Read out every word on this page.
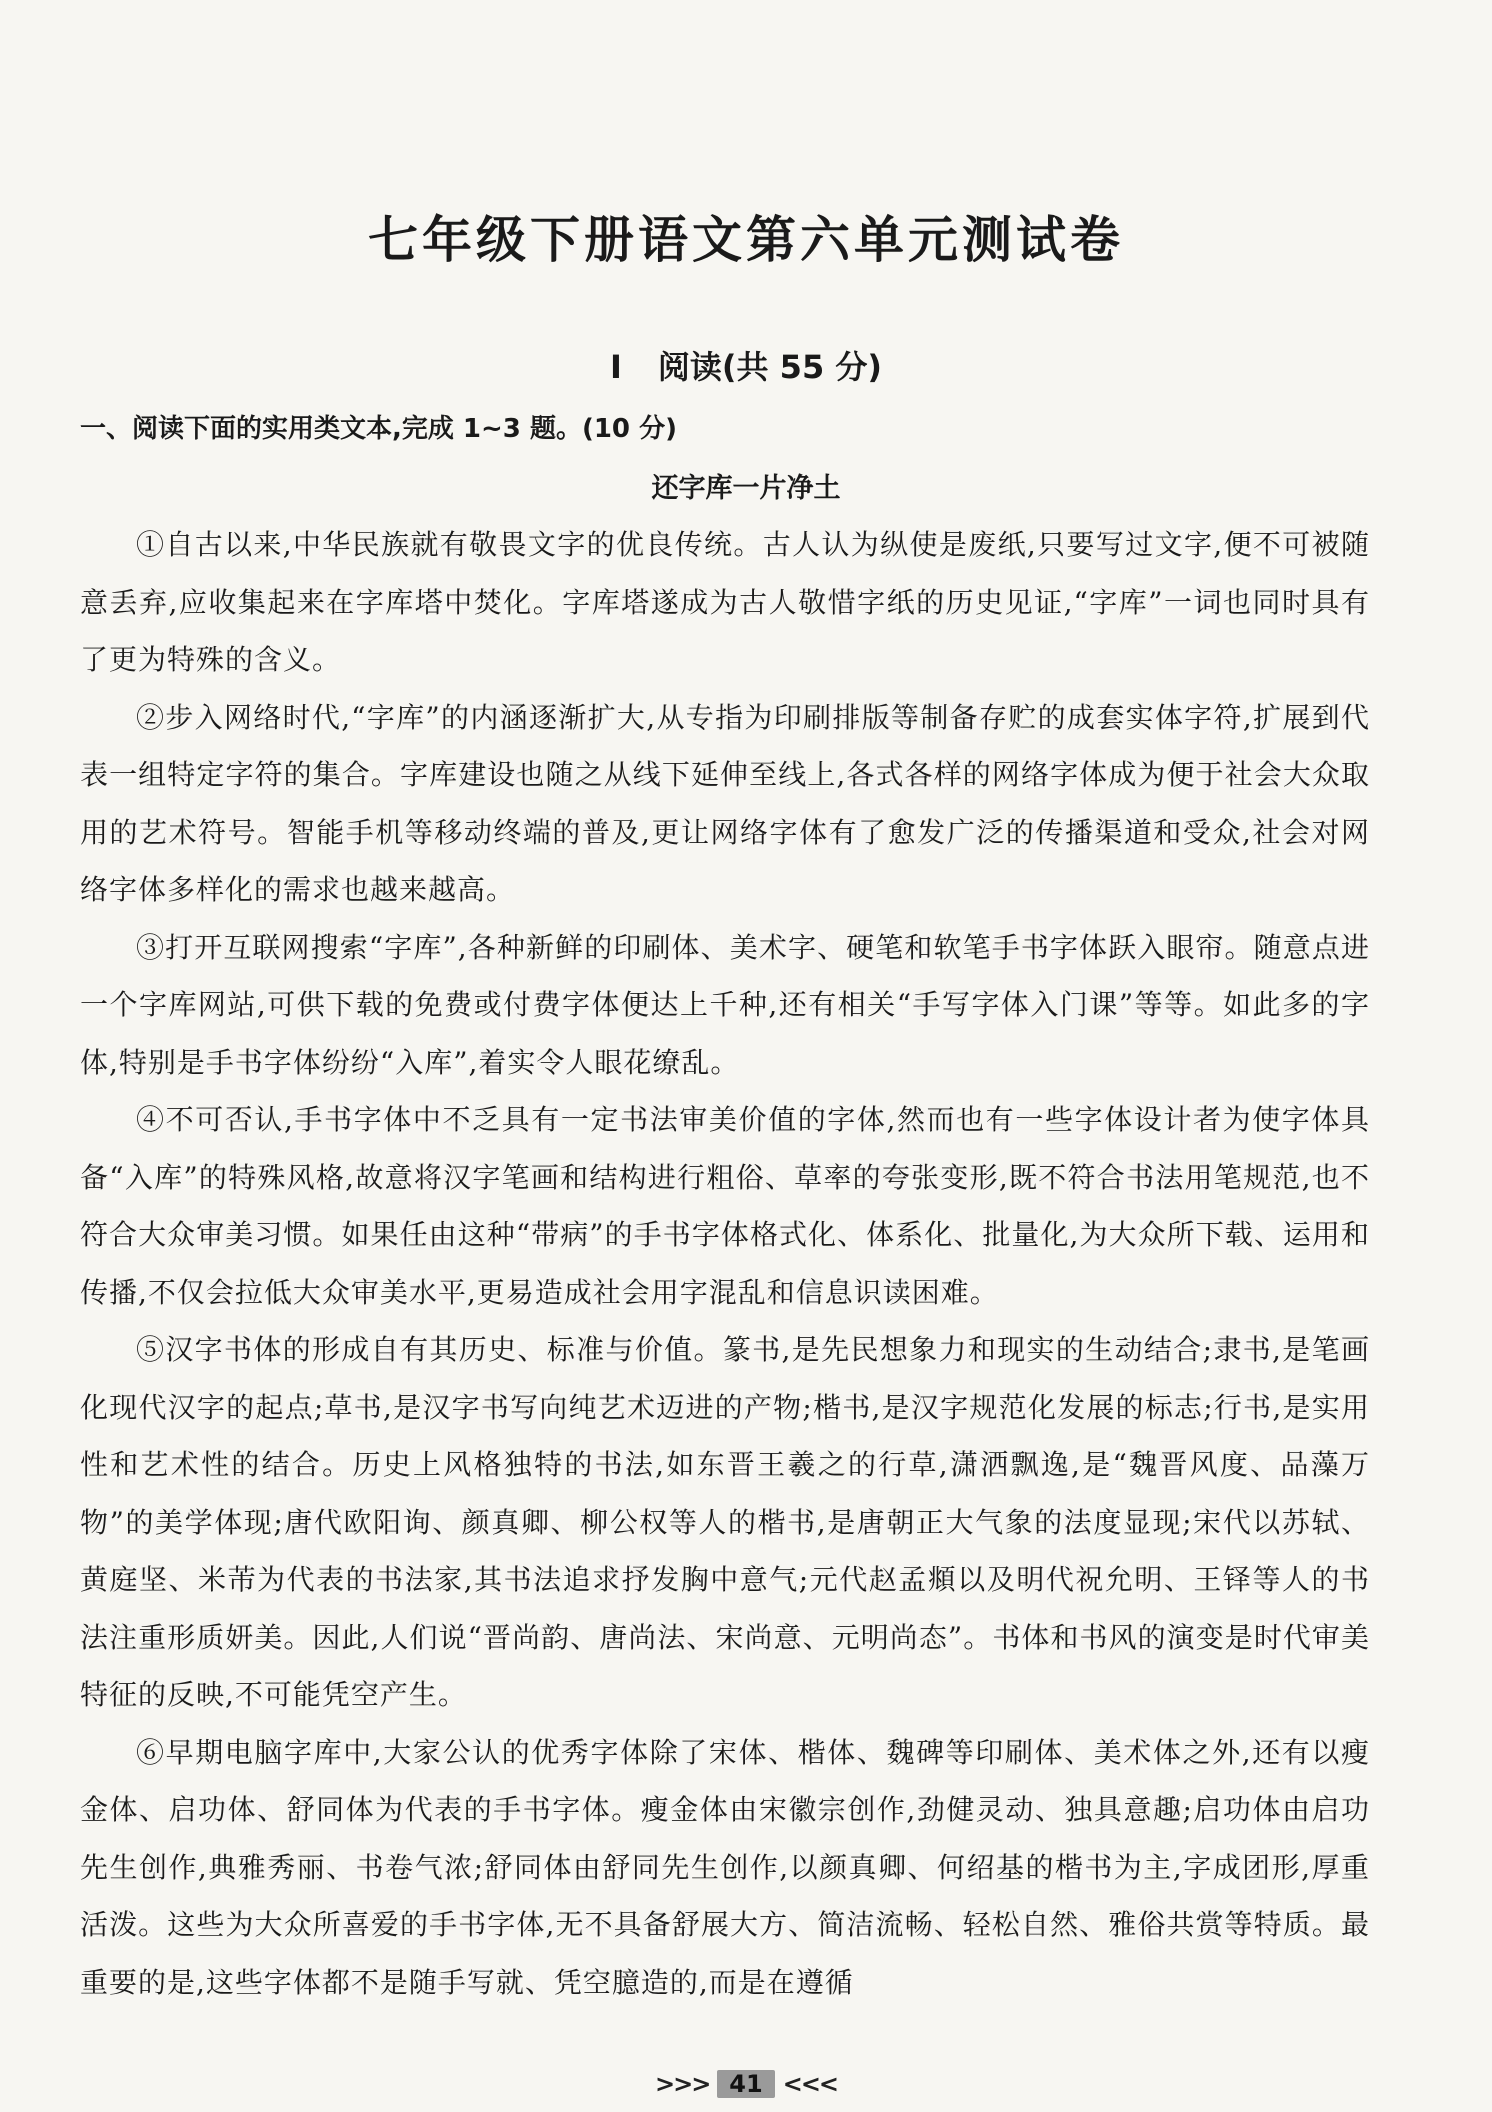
七年级下册语文第六单元测试卷
I 阅读(共 55 分)
一、阅读下面的实用类文本,完成 1~3 题。(10 分)
还字库一片净土

①自古以来,中华民族就有敬畏文字的优良传统。古人认为纵使是废纸,只要写过文字,便不可被随意丢弃,应收集起来在字库塔中焚化。字库塔遂成为古人敬惜字纸的历史见证,“字库”一词也同时具有了更为特殊的含义。

②步入网络时代,“字库”的内涵逐渐扩大,从专指为印刷排版等制备存贮的成套实体字符,扩展到代表一组特定字符的集合。字库建设也随之从线下延伸至线上,各式各样的网络字体成为便于社会大众取用的艺术符号。智能手机等移动终端的普及,更让网络字体有了愈发广泛的传播渠道和受众,社会对网络字体多样化的需求也越来越高。

③打开互联网搜索“字库”,各种新鲜的印刷体、美术字、硬笔和软笔手书字体跃入眼帘。随意点进一个字库网站,可供下载的免费或付费字体便达上千种,还有相关“手写字体入门课”等等。如此多的字体,特别是手书字体纷纷“入库”,着实令人眼花缭乱。

④不可否认,手书字体中不乏具有一定书法审美价值的字体,然而也有一些字体设计者为使字体具备“入库”的特殊风格,故意将汉字笔画和结构进行粗俗、草率的夸张变形,既不符合书法用笔规范,也不符合大众审美习惯。如果任由这种“带病”的手书字体格式化、体系化、批量化,为大众所下载、运用和传播,不仅会拉低大众审美水平,更易造成社会用字混乱和信息识读困难。

⑤汉字书体的形成自有其历史、标准与价值。篆书,是先民想象力和现实的生动结合;隶书,是笔画化现代汉字的起点;草书,是汉字书写向纯艺术迈进的产物;楷书,是汉字规范化发展的标志;行书,是实用性和艺术性的结合。历史上风格独特的书法,如东晋王羲之的行草,潇洒飘逸,是“魏晋风度、品藻万物”的美学体现;唐代欧阳询、颜真卿、柳公权等人的楷书,是唐朝正大气象的法度显现;宋代以苏轼、黄庭坚、米芾为代表的书法家,其书法追求抒发胸中意气;元代赵孟頫以及明代祝允明、王铎等人的书法注重形质妍美。因此,人们说“晋尚韵、唐尚法、宋尚意、元明尚态”。书体和书风的演变是时代审美特征的反映,不可能凭空产生。

⑥早期电脑字库中,大家公认的优秀字体除了宋体、楷体、魏碑等印刷体、美术体之外,还有以瘦金体、启功体、舒同体为代表的手书字体。瘦金体由宋徽宗创作,劲健灵动、独具意趣;启功体由启功先生创作,典雅秀丽、书卷气浓;舒同体由舒同先生创作,以颜真卿、何绍基的楷书为主,字成团形,厚重活泼。这些为大众所喜爱的手书字体,无不具备舒展大方、简洁流畅、轻松自然、雅俗共赏等特质。最重要的是,这些字体都不是随手写就、凭空臆造的,而是在遵循

>>> 41 <<<
